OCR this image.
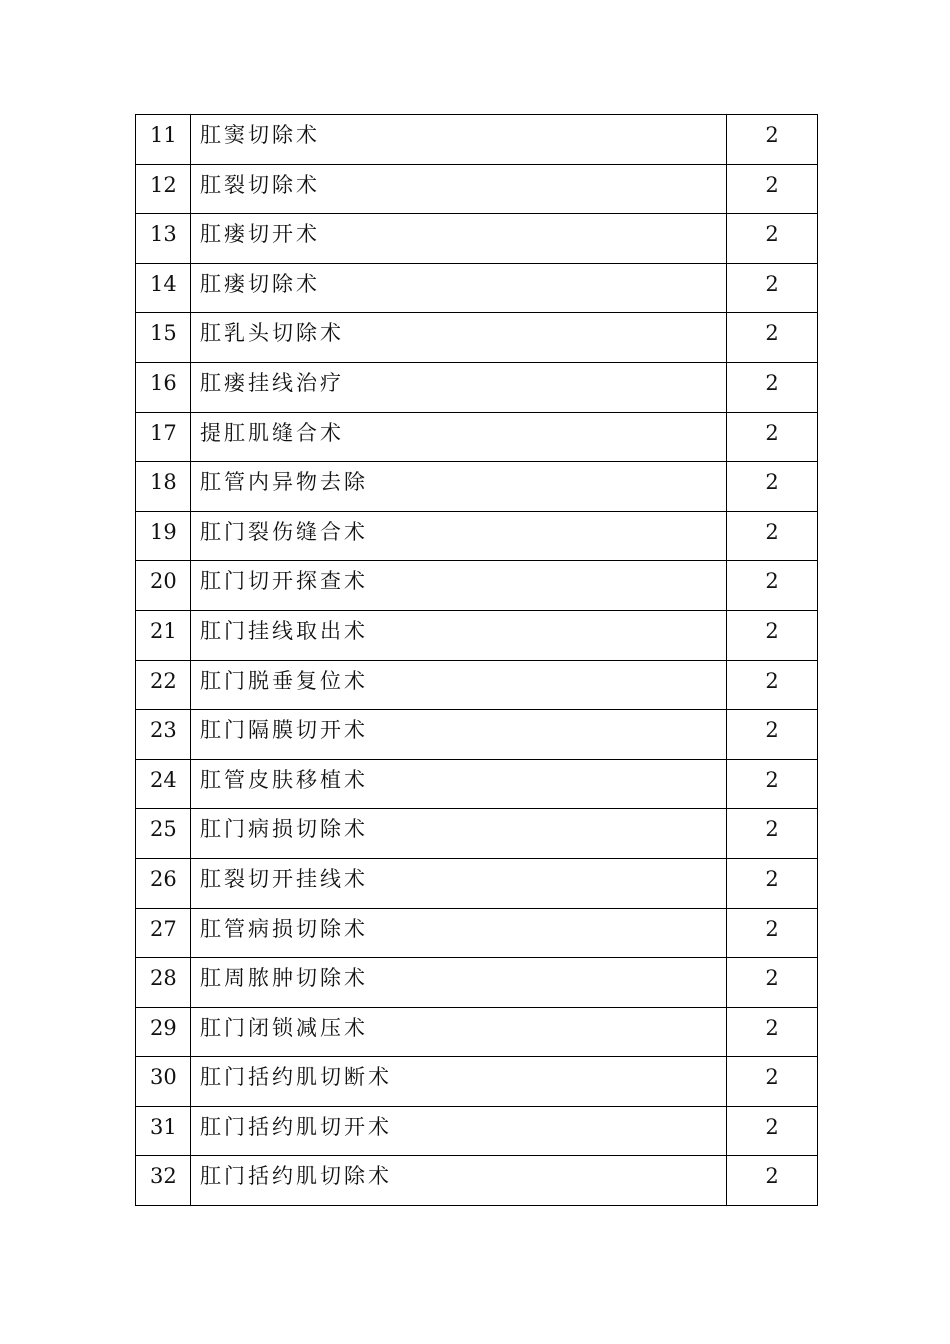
11	肛窦切除术	2
12	肛裂切除术	2
13	肛瘘切开术	2
14	肛瘘切除术	2
15	肛乳头切除术	2
16	肛瘘挂线治疗	2
17	提肛肌缝合术	2
18	肛管内异物去除	2
19	肛门裂伤缝合术	2
20	肛门切开探查术	2
21	肛门挂线取出术	2
22	肛门脱垂复位术	2
23	肛门隔膜切开术	2
24	肛管皮肤移植术	2
25	肛门病损切除术	2
26	肛裂切开挂线术	2
27	肛管病损切除术	2
28	肛周脓肿切除术	2
29	肛门闭锁减压术	2
30	肛门括约肌切断术	2
31	肛门括约肌切开术	2
32	肛门括约肌切除术	2
